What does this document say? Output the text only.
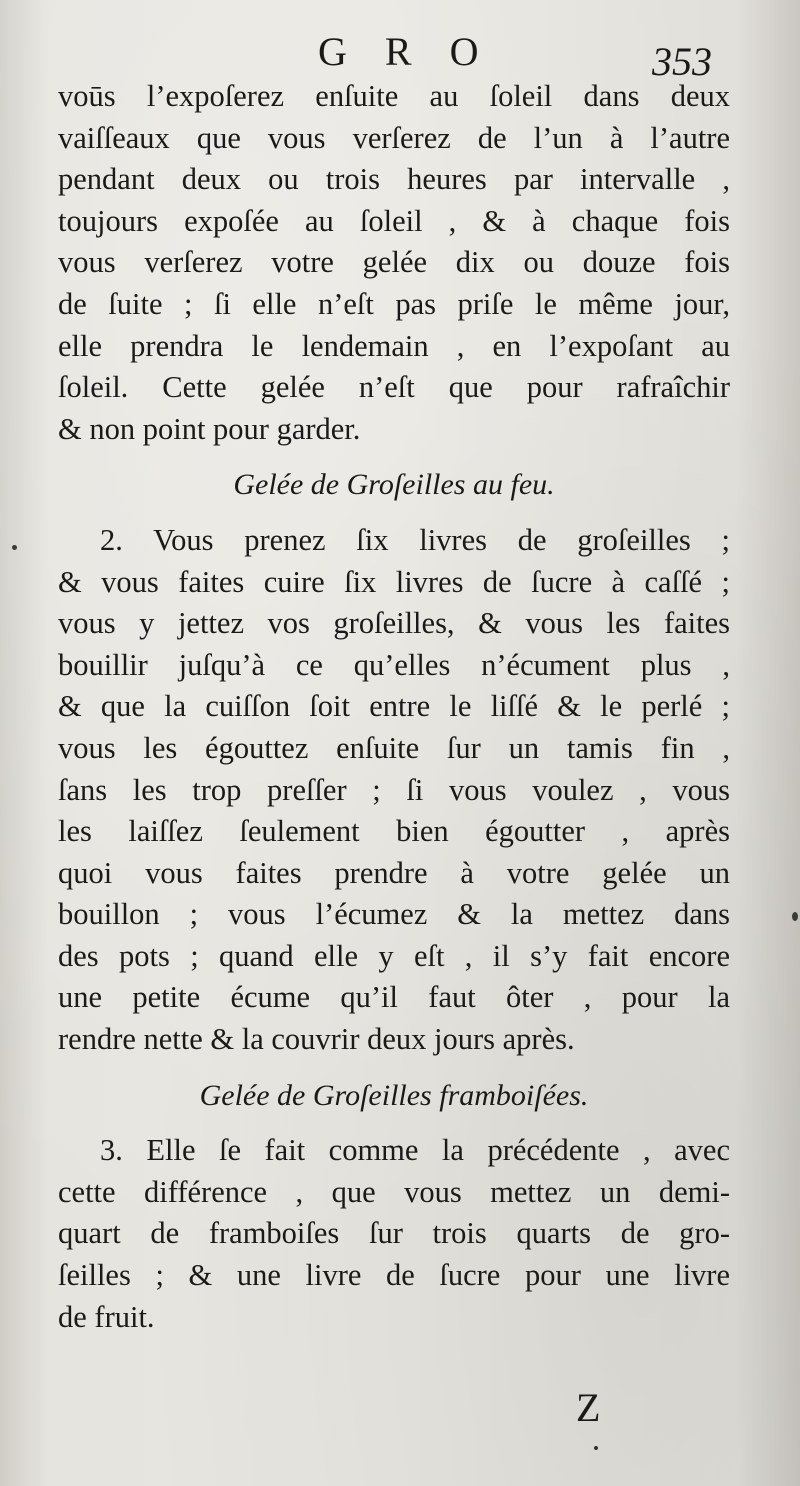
G R O	353
voūs l’expoſerez enſuite au ſoleil dans deux
vaiſſeaux que vous verſerez de l’un à l’autre
pendant deux ou trois heures par intervalle ,
toujours expoſée au ſoleil , & à chaque fois
vous verſerez votre gelée dix ou douze fois
de ſuite ; ſi elle n’eſt pas priſe le même jour,
elle prendra le lendemain , en l’expoſant au
ſoleil. Cette gelée n’eſt que pour rafraîchir
& non point pour garder.
Gelée de Groſeilles au feu.
2. Vous prenez ſix livres de groſeilles ;
& vous faites cuire ſix livres de ſucre à caſſé ;
vous y jettez vos groſeilles, & vous les faites
bouillir juſqu’à ce qu’elles n’écument plus ,
& que la cuiſſon ſoit entre le liſſé & le perlé ;
vous les égouttez enſuite ſur un tamis fin ,
ſans les trop preſſer ; ſi vous voulez , vous
les laiſſez ſeulement bien égoutter , après
quoi vous faites prendre à votre gelée un
bouillon ; vous l’écumez & la mettez dans
des pots ; quand elle y eſt , il s’y fait encore
une petite écume qu’il faut ôter , pour la
rendre nette & la couvrir deux jours après.
Gelée de Groſeilles framboiſées.
3. Elle ſe fait comme la précédente , avec
cette différence , que vous mettez un demi-
quart de framboiſes ſur trois quarts de gro-
ſeilles ; & une livre de ſucre pour une livre
de fruit.
Z
